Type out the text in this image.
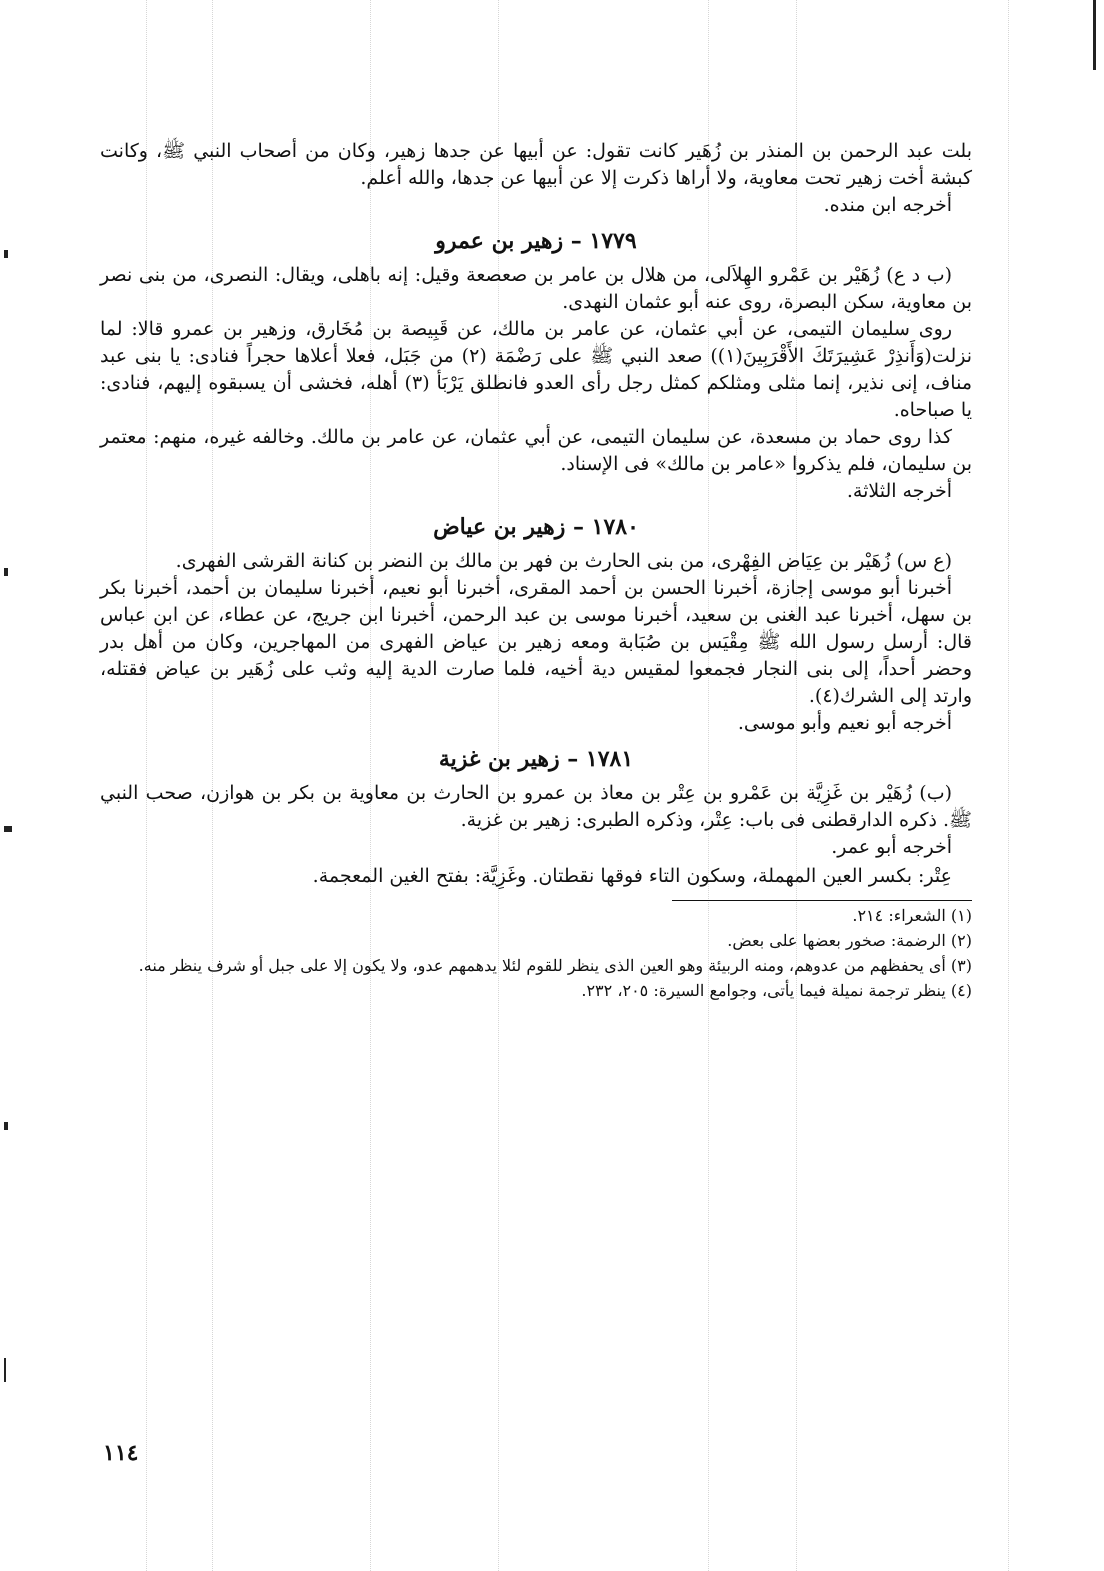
بلت عبد الرحمن بن المنذر بن زُهَير كانت تقول: عن أبيها عن جدها زهير، وكان من أصحاب النبي ﷺ، وكانت كبشة أخت زهير تحت معاوية، ولا أراها ذكرت إلا عن أبيها عن جدها، والله أعلم.

أخرجه ابن منده.

١٧٧٩ – زهير بن عمرو

(ب د ع) زُهَيْر بن عَمْرو الهِلاَلى، من هلال بن عامر بن صعصعة وقيل: إنه باهلى، ويقال: النصرى، من بنى نصر بن معاوية، سكن البصرة، روى عنه أبو عثمان النهدى.

روى سليمان التيمى، عن أبي عثمان، عن عامر بن مالك، عن قَبِيصة بن مُخَارق، وزهير بن عمرو قالا: لما نزلت(وَأَنذِرْ عَشِيرَتَكَ الأَقْرَبِينَ(١)) صعد النبي ﷺ على رَضْمَة (٢) من جَبَل، فعلا أعلاها حجراً فنادى: يا بنى عبد مناف، إنى نذير، إنما مثلى ومثلكم كمثل رجل رأى العدو فانطلق يَرْبَأ (٣) أهله، فخشى أن يسبقوه إليهم، فنادى: يا صباحاه.

كذا روى حماد بن مسعدة، عن سليمان التيمى، عن أبي عثمان، عن عامر بن مالك. وخالفه غيره، منهم: معتمر بن سليمان، فلم يذكروا «عامر بن مالك» فى الإسناد.

أخرجه الثلاثة.

١٧٨٠ – زهير بن عياض

(ع س) زُهَيْر بن عِيَاض الفِهْرى، من بنى الحارث بن فهر بن مالك بن النضر بن كنانة القرشى الفهرى.

أخبرنا أبو موسى إجازة، أخبرنا الحسن بن أحمد المقرى، أخبرنا أبو نعيم، أخبرنا سليمان بن أحمد، أخبرنا بكر بن سهل، أخبرنا عبد الغنى بن سعيد، أخبرنا موسى بن عبد الرحمن، أخبرنا ابن جريج، عن عطاء، عن ابن عباس قال: أرسل رسول الله ﷺ مِقْيَس بن صُبَابة ومعه زهير بن عياض الفهرى من المهاجرين، وكان من أهل بدر وحضر أحداً، إلى بنى النجار فجمعوا لمقيس دية أخيه، فلما صارت الدية إليه وثب على زُهَير بن عياض فقتله، وارتد إلى الشرك(٤).

أخرجه أبو نعيم وأبو موسى.

١٧٨١ – زهير بن غزية

(ب) زُهَيْر بن غَزِيَّة بن عَمْرو بن عِتْر بن معاذ بن عمرو بن الحارث بن معاوية بن بكر بن هوازن، صحب النبي ﷺ. ذكره الدارقطنى فى باب: عِتْر، وذكره الطبرى: زهير بن غزية.

أخرجه أبو عمر.

عِتْر: بكسر العين المهملة، وسكون التاء فوقها نقطتان. وغَزِيَّة: بفتح الغين المعجمة.

(١) الشعراء: ٢١٤.

(٢) الرضمة: صخور بعضها على بعض.

(٣) أى يحفظهم من عدوهم، ومنه الربيئة وهو العين الذى ينظر للقوم لئلا يدهمهم عدو، ولا يكون إلا على جبل أو شرف ينظر منه.

(٤) ينظر ترجمة نميلة فيما يأتى، وجوامع السيرة: ٢٠٥، ٢٣٢.

١١٤
